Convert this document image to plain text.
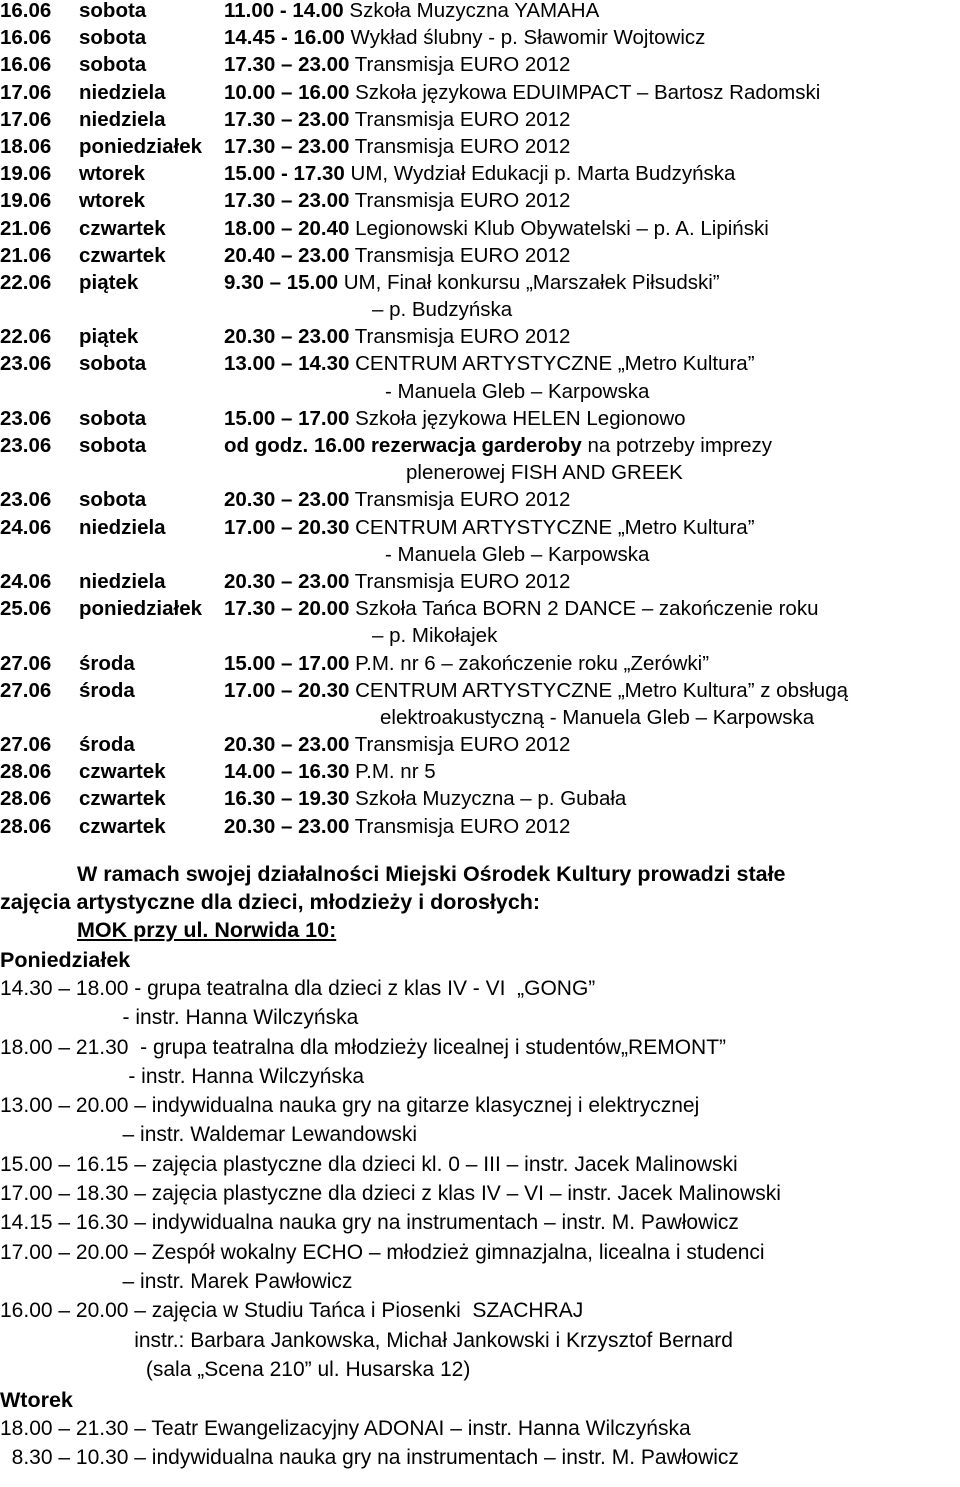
16.06 sobota	11.00 - 14.00 Szkoła Muzyczna YAMAHA
16.06 sobota	14.45 - 16.00 Wykład ślubny - p. Sławomir Wojtowicz
16.06 sobota	17.30 – 23.00 Transmisja EURO 2012
17.06 niedziela	10.00 – 16.00 Szkoła językowa EDUIMPACT – Bartosz Radomski
17.06 niedziela	17.30 – 23.00 Transmisja EURO 2012
18.06 poniedziałek 17.30 – 23.00 Transmisja EURO 2012
19.06 wtorek	15.00 - 17.30 UM, Wydział Edukacji p. Marta Budzyńska
19.06 wtorek	17.30 – 23.00 Transmisja EURO 2012
21.06 czwartek	18.00 – 20.40 Legionowski Klub Obywatelski – p. A. Lipiński
21.06 czwartek	20.40 – 23.00 Transmisja EURO 2012
22.06 piątek	9.30 – 15.00 UM, Finał konkursu „Marszałek Piłsudski”
– p. Budzyńska
22.06 piątek	20.30 – 23.00 Transmisja EURO 2012
23.06 sobota	13.00 – 14.30 CENTRUM ARTYSTYCZNE „Metro Kultura”
- Manuela Gleb – Karpowska
23.06 sobota	15.00 – 17.00 Szkoła językowa HELEN Legionowo
23.06 sobota	od godz. 16.00 rezerwacja garderoby na potrzeby imprezy
plenerowej FISH AND GREEK
23.06 sobota	20.30 – 23.00 Transmisja EURO 2012
24.06 niedziela	17.00 – 20.30 CENTRUM ARTYSTYCZNE „Metro Kultura”
- Manuela Gleb – Karpowska
24.06 niedziela	20.30 – 23.00 Transmisja EURO 2012
25.06 poniedziałek 17.30 – 20.00 Szkoła Tańca BORN 2 DANCE – zakończenie roku
– p. Mikołajek
27.06 środa	15.00 – 17.00 P.M. nr 6 – zakończenie roku „Zerówki”
27.06 środa	17.00 – 20.30 CENTRUM ARTYSTYCZNE „Metro Kultura” z obsługą
elektroakustyczną - Manuela Gleb – Karpowska
27.06 środa	20.30 – 23.00 Transmisja EURO 2012
28.06 czwartek	14.00 – 16.30 P.M. nr 5
28.06 czwartek	16.30 – 19.30 Szkoła Muzyczna – p. Gubała
28.06 czwartek	20.30 – 23.00 Transmisja EURO 2012
W ramach swojej działalności Miejski Ośrodek Kultury prowadzi stałe
zajęcia artystyczne dla dzieci, młodzieży i dorosłych:
MOK przy ul. Norwida 10:
Poniedziałek
14.30 – 18.00 - grupa teatralna dla dzieci z klas IV - VI  „GONG”
- instr. Hanna Wilczyńska
18.00 – 21.30  - grupa teatralna dla młodzieży licealnej i studentów„REMONT”
- instr. Hanna Wilczyńska
13.00 – 20.00 – indywidualna nauka gry na gitarze klasycznej i elektrycznej
– instr. Waldemar Lewandowski
15.00 – 16.15 – zajęcia plastyczne dla dzieci kl. 0 – III – instr. Jacek Malinowski
17.00 – 18.30 – zajęcia plastyczne dla dzieci z klas IV – VI – instr. Jacek Malinowski
14.15 – 16.30 – indywidualna nauka gry na instrumentach – instr. M. Pawłowicz
17.00 – 20.00 – Zespół wokalny ECHO – młodzież gimnazjalna, licealna i studenci
– instr. Marek Pawłowicz
16.00 – 20.00 – zajęcia w Studiu Tańca i Piosenki  SZACHRAJ
instr.: Barbara Jankowska, Michał Jankowski i Krzysztof Bernard
(sala „Scena 210” ul. Husarska 12)
Wtorek
18.00 – 21.30 – Teatr Ewangelizacyjny ADONAI – instr. Hanna Wilczyńska
8.30 – 10.30 – indywidualna nauka gry na instrumentach – instr. M. Pawłowicz
